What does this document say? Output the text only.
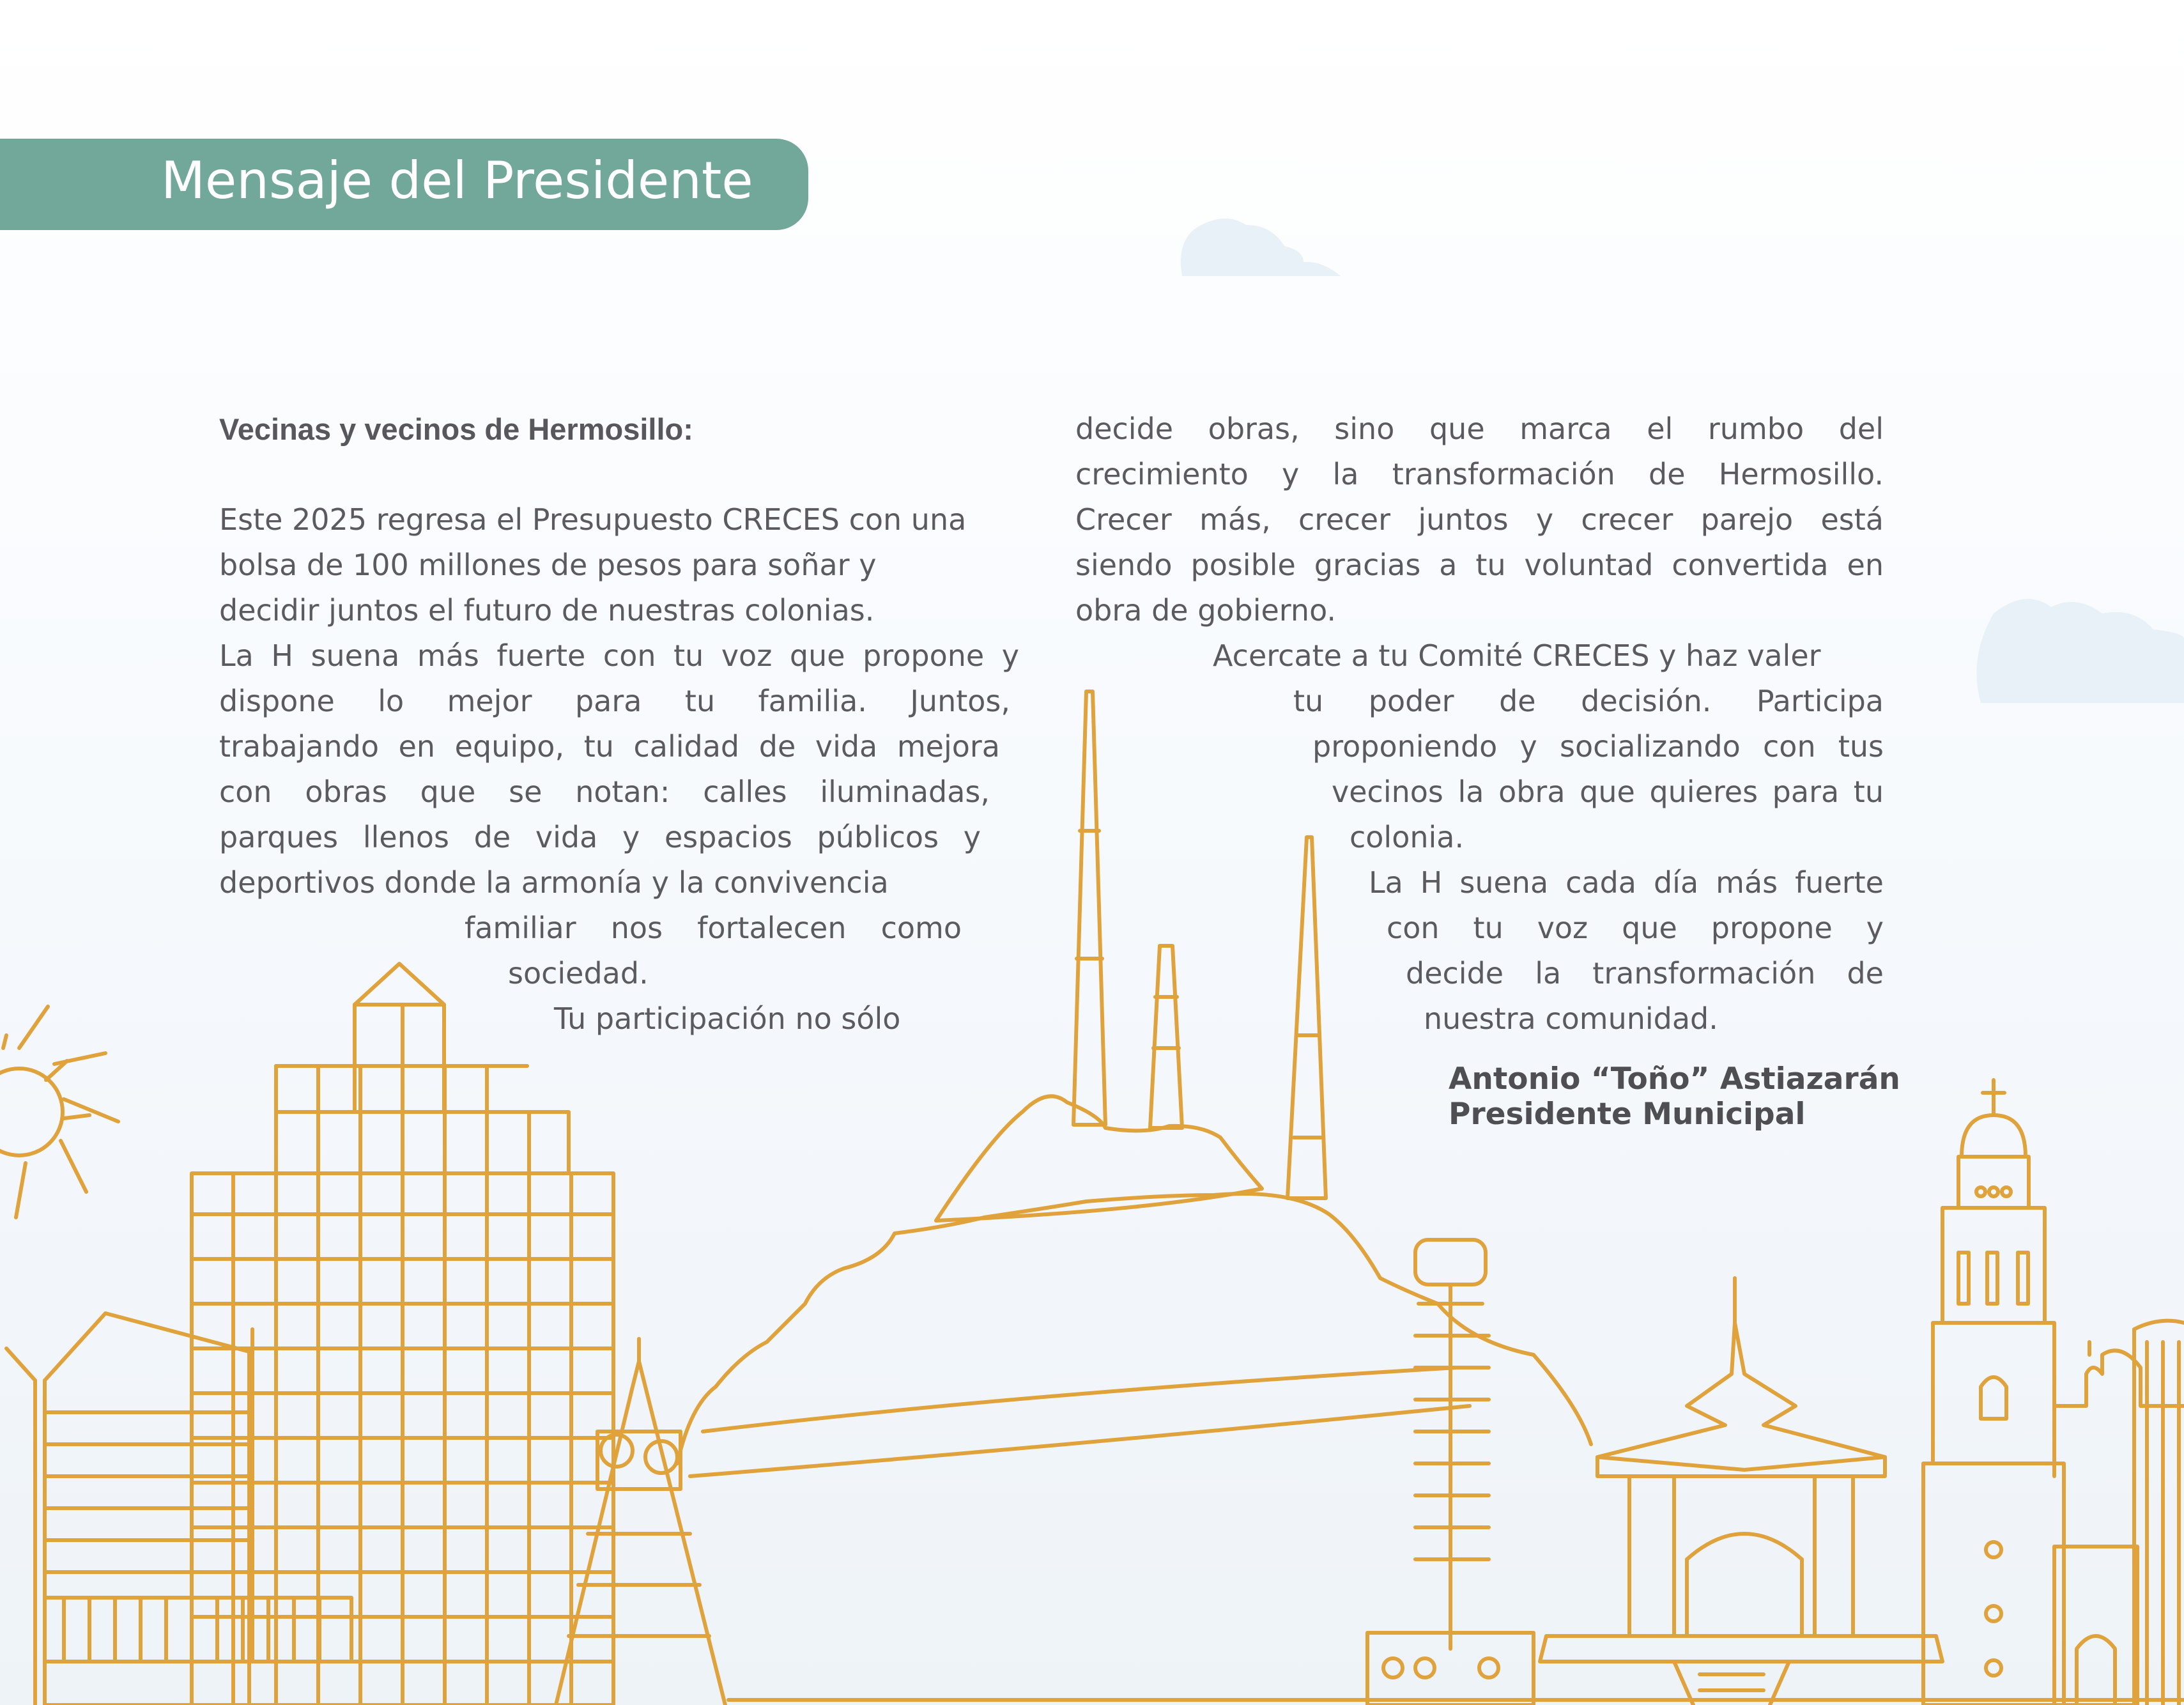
Mensaje del Presidente
Vecinas y vecinos de Hermosillo:
Este 2025 regresa el Presupuesto CRECES con una
bolsa de 100 millones de pesos para soñar y
decidir juntos el futuro de nuestras colonias.
La H suena más fuerte con tu voz que propone y
dispone lo mejor para tu familia. Juntos,
trabajando en equipo, tu calidad de vida mejora
con obras que se notan: calles iluminadas,
parques llenos de vida y espacios públicos y
deportivos donde la armonía y la convivencia
familiar nos fortalecen como
sociedad.
Tu participación no sólo
decide obras, sino que marca el rumbo del
crecimiento y la transformación de Hermosillo.
Crecer más, crecer juntos y crecer parejo está
siendo posible gracias a tu voluntad convertida en
obra de gobierno.
Acercate a tu Comité CRECES y haz valer
tu poder de decisión. Participa
proponiendo y socializando con tus
vecinos la obra que quieres para tu
colonia.
La H suena cada día más fuerte
con tu voz que propone y
decide la transformación de
nuestra comunidad.
Antonio “Toño” Astiazarán
Presidente Municipal
